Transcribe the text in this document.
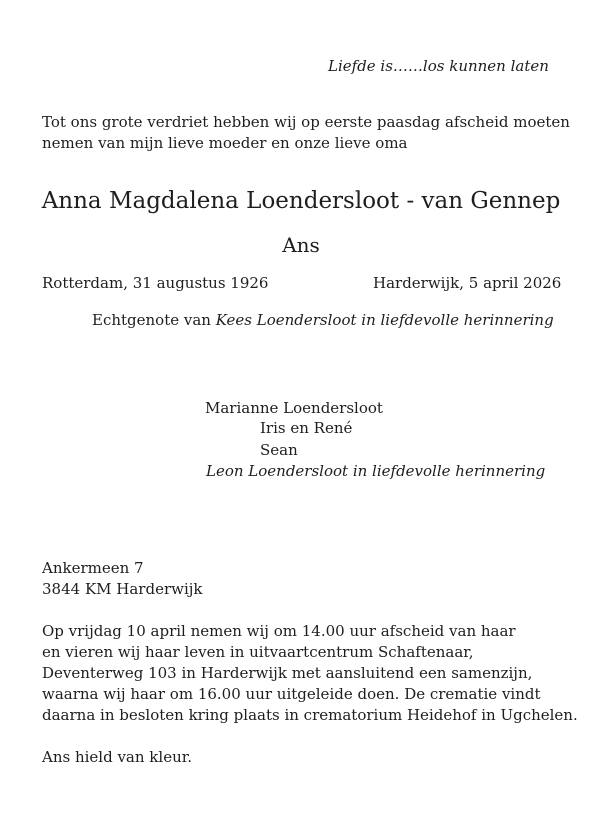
Liefde is……los kunnen laten
Tot ons grote verdriet hebben wij op eerste paasdag afscheid moeten
nemen van mijn lieve moeder en onze lieve oma
Anna Magdalena Loendersloot - van Gennep
Ans
Rotterdam, 31 augustus 1926	Harderwijk, 5 april 2026
Echtgenote van Kees Loendersloot in liefdevolle herinnering
Marianne Loendersloot
Iris en René
Sean
Leon Loendersloot in liefdevolle herinnering
Ankermeen 7
3844 KM Harderwijk
Op vrijdag 10 april nemen wij om 14.00 uur afscheid van haar
en vieren wij haar leven in uitvaartcentrum Schaftenaar,
Deventerweg 103 in Harderwijk met aansluitend een samenzijn,
waarna wij haar om 16.00 uur uitgeleide doen. De crematie vindt
daarna in besloten kring plaats in crematorium Heidehof in Ugchelen.
Ans hield van kleur.
